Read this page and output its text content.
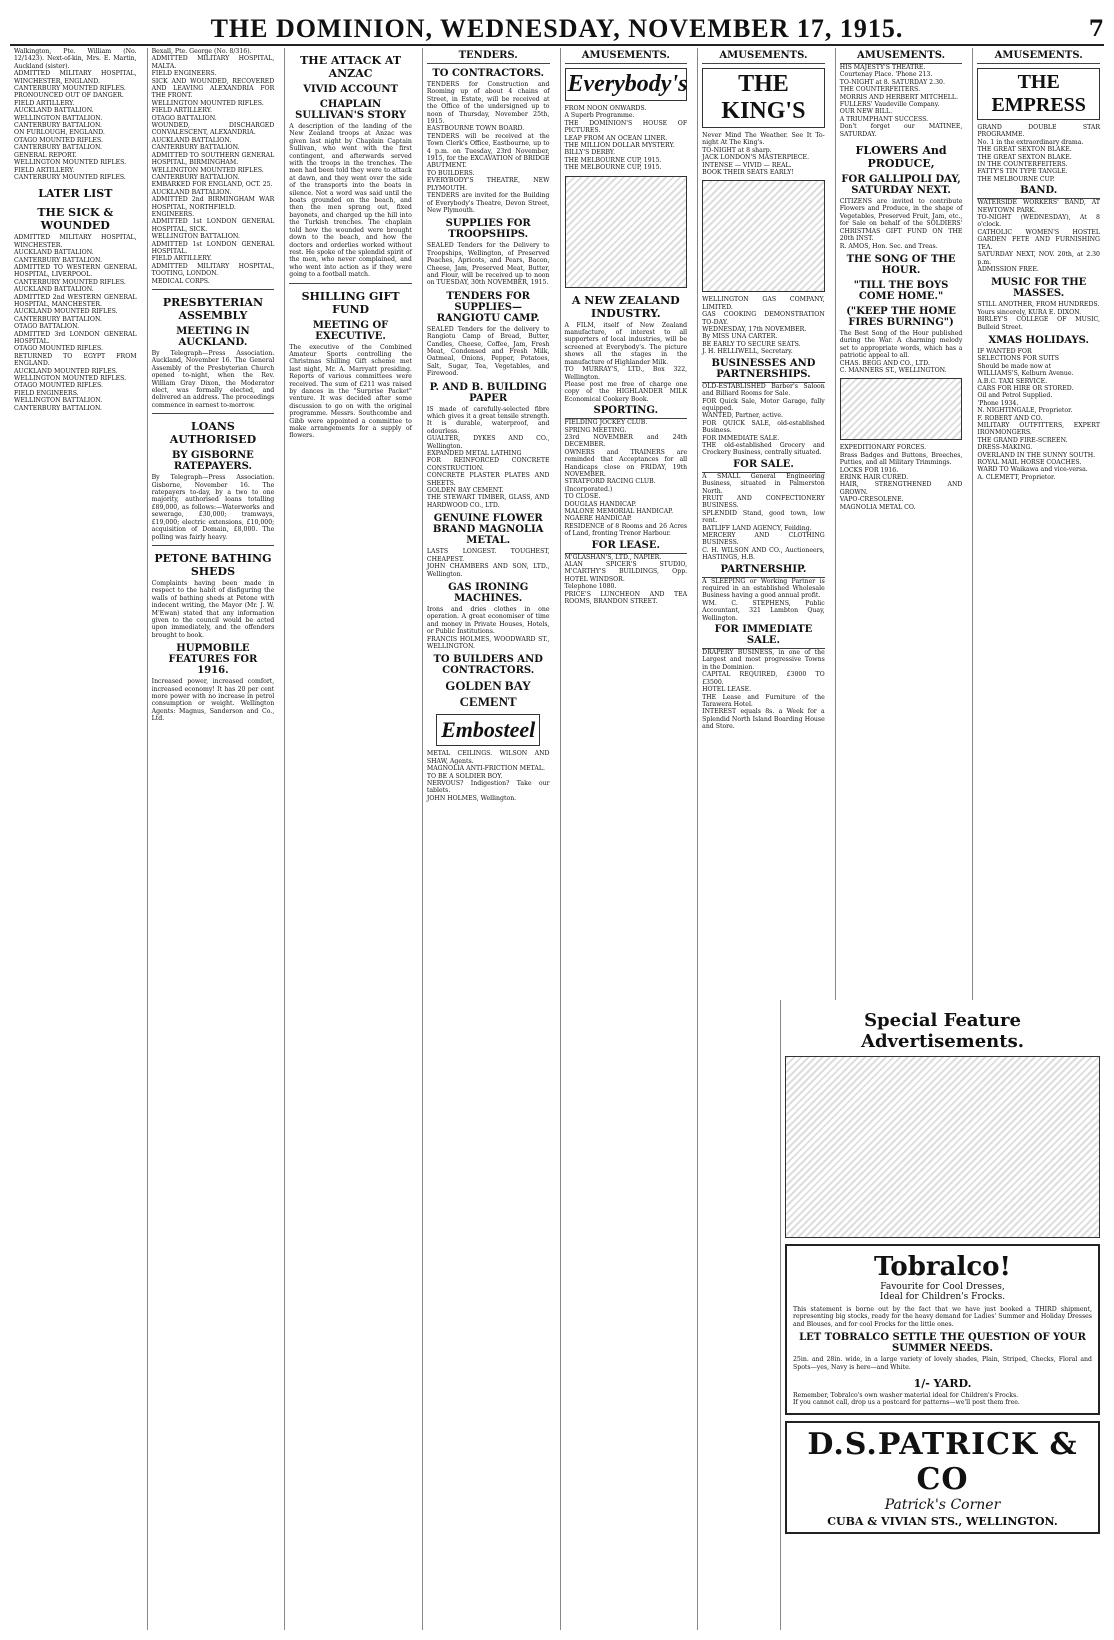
THE DOMINION, WEDNESDAY, NOVEMBER 17, 1915.	7
Walkington, Pte. William (No. 12/1423). Next-of-kin, Mrs. E. Martin, Auckland (sister).
ADMITTED MILITARY HOSPITAL, WINCHESTER, ENGLAND.
CANTERBURY MOUNTED RIFLES.
PRONOUNCED OUT OF DANGER.
FIELD ARTILLERY.
AUCKLAND BATTALION.
WELLINGTON BATTALION.
CANTERBURY BATTALION.
ON FURLOUGH, ENGLAND.
OTAGO MOUNTED RIFLES.
CANTERBURY BATTALION.
GENERAL REPORT.
WELLINGTON MOUNTED RIFLES.
FIELD ARTILLERY.
CANTERBURY MOUNTED RIFLES.
LATER LIST
THE SICK & WOUNDED
ADMITTED MILITARY HOSPITAL, WINCHESTER.
AUCKLAND BATTALION.
CANTERBURY BATTALION.
ADMITTED TO WESTERN GENERAL HOSPITAL, LIVERPOOL.
CANTERBURY MOUNTED RIFLES.
AUCKLAND BATTALION.
ADMITTED 2nd WESTERN GENERAL HOSPITAL, MANCHESTER.
AUCKLAND MOUNTED RIFLES.
CANTERBURY BATTALION.
OTAGO BATTALION.
ADMITTED 3rd LONDON GENERAL HOSPITAL.
OTAGO MOUNTED RIFLES.
RETURNED TO EGYPT FROM ENGLAND.
AUCKLAND MOUNTED RIFLES.
WELLINGTON MOUNTED RIFLES.
OTAGO MOUNTED RIFLES.
FIELD ENGINEERS.
WELLINGTON BATTALION.
CANTERBURY BATTALION.
Bexall, Pte. George (No. 8/316).
ADMITTED MILITARY HOSPITAL, MALTA.
FIELD ENGINEERS.
SICK AND WOUNDED, RECOVERED AND LEAVING ALEXANDRIA FOR THE FRONT.
WELLINGTON MOUNTED RIFLES.
FIELD ARTILLERY.
OTAGO BATTALION.
WOUNDED, DISCHARGED CONVALESCENT, ALEXANDRIA.
AUCKLAND BATTALION.
CANTERBURY BATTALION.
ADMITTED TO SOUTHERN GENERAL HOSPITAL, BIRMINGHAM.
WELLINGTON MOUNTED RIFLES.
CANTERBURY BATTALION.
EMBARKED FOR ENGLAND, OCT. 25.
AUCKLAND BATTALION.
ADMITTED 2nd BIRMINGHAM WAR HOSPITAL, NORTHFIELD.
ENGINEERS.
ADMITTED 1st LONDON GENERAL HOSPITAL, SICK.
WELLINGTON BATTALION.
ADMITTED 1st LONDON GENERAL HOSPITAL.
FIELD ARTILLERY.
ADMITTED MILITARY HOSPITAL, TOOTING, LONDON.
MEDICAL CORPS.
PRESBYTERIAN ASSEMBLY
MEETING IN AUCKLAND.
By Telegraph—Press Association. Auckland, November 16. The General Assembly of the Presbyterian Church opened to-night, when the Rev. William Gray Dixon, the Moderator elect, was formally elected, and delivered an address. The proceedings commence in earnest to-morrow.
LOANS AUTHORISED
BY GISBORNE RATEPAYERS.
By Telegraph—Press Association. Gisborne, November 16. The ratepayers to-day, by a two to one majority, authorised loans totalling £89,000, as follows:—Waterworks and sewerage, £30,000; tramways, £19,000; electric extensions, £10,000; acquisition of Domain, £8,000. The polling was fairly heavy.
PETONE BATHING SHEDS
Complaints having been made in respect to the habit of disfiguring the walls of bathing sheds at Petone with indecent writing, the Mayor (Mr. J. W. M'Ewan) stated that any information given to the council would be acted upon immediately, and the offenders brought to book.
HUPMOBILE FEATURES FOR 1916.
Increased power, increased comfort, increased economy! It has 20 per cent more power with no increase in petrol consumption or weight. Wellington Agents: Magnus, Sanderson and Co., Ltd.
THE ATTACK AT ANZAC
VIVID ACCOUNT
CHAPLAIN SULLIVAN'S STORY
A description of the landing of the New Zealand troops at Anzac was given last night by Chaplain Captain Sullivan, who went with the first contingent, and afterwards served with the troops in the trenches. The men had been told they were to attack at dawn, and they went over the side of the transports into the boats in silence. Not a word was said until the boats grounded on the beach, and then the men sprang out, fixed bayonets, and charged up the hill into the Turkish trenches. The chaplain told how the wounded were brought down to the beach, and how the doctors and orderlies worked without rest. He spoke of the splendid spirit of the men, who never complained, and who went into action as if they were going to a football match.
SHILLING GIFT FUND
MEETING OF EXECUTIVE.
The executive of the Combined Amateur Sports controlling the Christmas Shilling Gift scheme met last night, Mr. A. Marryatt presiding. Reports of various committees were received. The sum of £211 was raised by dances in the "Surprise Packet" venture. It was decided after some discussion to go on with the original programme. Messrs. Southcombe and Gibb were appointed a committee to make arrangements for a supply of flowers.
TENDERS.
TO CONTRACTORS.
TENDERS for Construction and Rooming up of about 4 chains of Street, in Estate, will be received at the Office of the undersigned up to noon of Thursday, November 25th, 1915.
EASTBOURNE TOWN BOARD.
TENDERS will be received at the Town Clerk's Office, Eastbourne, up to 4 p.m. on Tuesday, 23rd November, 1915, for the EXCAVATION of BRIDGE ABUTMENT.
TO BUILDERS.
EVERYBODY'S THEATRE, NEW PLYMOUTH.
TENDERS are invited for the Building of Everybody's Theatre, Devon Street, New Plymouth.
SUPPLIES FOR TROOPSHIPS.
SEALED Tenders for the Delivery to Troopships, Wellington, of Preserved Peaches, Apricots, and Pears, Bacon, Cheese, Jam, Preserved Meat, Butter, and Flour, will be received up to noon on TUESDAY, 30th NOVEMBER, 1915.
TENDERS FOR SUPPLIES—RANGIOTU CAMP.
SEALED Tenders for the delivery to Rangiotu Camp of Bread, Butter, Candles, Cheese, Coffee, Jam, Fresh Meat, Condensed and Fresh Milk, Oatmeal, Onions, Pepper, Potatoes, Salt, Sugar, Tea, Vegetables, and Firewood.
P. AND B. BUILDING PAPER
IS made of carefully-selected fibre which gives it a great tensile strength. It is durable, waterproof, and odourless.
GUALTER, DYKES AND CO., Wellington.
EXPANDED METAL LATHING
FOR REINFORCED CONCRETE CONSTRUCTION.
CONCRETE PLASTER PLATES AND SHEETS.
GOLDEN BAY CEMENT.
THE STEWART TIMBER, GLASS, AND HARDWOOD CO., LTD.
GENUINE FLOWER BRAND MAGNOLIA METAL.
LASTS LONGEST. TOUGHEST, CHEAPEST.
JOHN CHAMBERS AND SON, LTD., Wellington.
GAS IRONING MACHINES.
Irons and dries clothes in one operation. A great economiser of time and money in Private Houses, Hotels, or Public Institutions.
FRANCIS HOLMES, WOODWARD ST., WELLINGTON.
TO BUILDERS AND CONTRACTORS.
GOLDEN BAY CEMENT
Embosteel
METAL CEILINGS. WILSON AND SHAW, Agents.
MAGNOLIA ANTI-FRICTION METAL.
TO BE A SOLDIER BOY.
NERVOUS? Indigestion? Take our tablets.
JOHN HOLMES, Wellington.
AMUSEMENTS.
Everybody's
FROM NOON ONWARDS.
A Superb Programme.
THE DOMINION'S HOUSE OF PICTURES.
LEAP FROM AN OCEAN LINER.
THE MILLION DOLLAR MYSTERY.
BILLY'S DERBY.
THE MELBOURNE CUP, 1915.
THE MELBOURNE CUP, 1915.
A NEW ZEALAND INDUSTRY.
A FILM, itself of New Zealand manufacture, of interest to all supporters of local industries, will be screened at Everybody's. The picture shows all the stages in the manufacture of Highlander Milk.
TO MURRAY'S, LTD., Box 322, Wellington.
Please post me free of charge one copy of the HIGHLANDER MILK Economical Cookery Book.
SPORTING.
FIELDING JOCKEY CLUB.
SPRING MEETING.
23rd NOVEMBER and 24th DECEMBER.
OWNERS and TRAINERS are reminded that Acceptances for all Handicaps close on FRIDAY, 19th NOVEMBER.
STRATFORD RACING CLUB.
(Incorporated.)
TO CLOSE.
DOUGLAS HANDICAP.
MALONE MEMORIAL HANDICAP.
NGAERE HANDICAP.
RESIDENCE of 8 Rooms and 26 Acres of Land, fronting Trenor Harbour.
FOR LEASE.
M'GLASHAN'S, LTD., NAPIER.
ALAN SPICER'S STUDIO, M'CARTHY'S BUILDINGS, Opp. HOTEL WINDSOR.
Telephone 1080.
PRICE'S LUNCHEON AND TEA ROOMS, BRANDON STREET.
AMUSEMENTS.
THE KING'S
Never Mind The Weather. See It To-night At The King's.
TO-NIGHT at 8 sharp.
JACK LONDON'S MASTERPIECE.
INTENSE — VIVID — REAL.
BOOK THEIR SEATS EARLY!
WELLINGTON GAS COMPANY, LIMITED.
GAS COOKING DEMONSTRATION TO-DAY.
WEDNESDAY, 17th NOVEMBER.
By MISS UNA CARTER.
BE EARLY TO SECURE SEATS.
J. H. HELLIWELL, Secretary.
BUSINESSES AND PARTNERSHIPS.
OLD-ESTABLISHED Barber's Saloon and Billiard Rooms for Sale.
FOR Quick Sale, Motor Garage, fully equipped.
WANTED, Partner, active.
FOR QUICK SALE, old-established Business.
FOR IMMEDIATE SALE.
THE old-established Grocery and Crockery Business, centrally situated.
FOR SALE.
A SMALL General Engineering Business, situated in Palmerston North.
FRUIT AND CONFECTIONERY BUSINESS.
SPLENDID Stand, good town, low rent.
BATLIFF LAND AGENCY, Feilding.
MERCERY AND CLOTHING BUSINESS.
C. H. WILSON AND CO., Auctioneers, HASTINGS, H.B.
PARTNERSHIP.
A SLEEPING or Working Partner is required in an established Wholesale Business having a good annual profit.
WM. C. STEPHENS, Public Accountant, 321 Lambton Quay, Wellington.
FOR IMMEDIATE SALE.
DRAPERY BUSINESS, in one of the Largest and most progressive Towns in the Dominion.
CAPITAL REQUIRED, £3000 TO £3500.
HOTEL LEASE.
THE Lease and Furniture of the Tarawera Hotel.
INTEREST equals 8s. a Week for a Splendid North Island Boarding House and Store.
AMUSEMENTS.
HIS MAJESTY'S THEATRE.
Courtenay Place. 'Phone 213.
TO-NIGHT at 8. SATURDAY 2.30.
THE COUNTERFEITERS.
MORRIS AND HERBERT MITCHELL.
FULLERS' Vaudeville Company.
OUR NEW BILL.
A TRIUMPHANT SUCCESS.
Don't forget our MATINEE, SATURDAY.
FLOWERS And PRODUCE,
FOR GALLIPOLI DAY, SATURDAY NEXT.
CITIZENS are invited to contribute Flowers and Produce, in the shape of Vegetables, Preserved Fruit, Jam, etc., for Sale on behalf of the SOLDIERS' CHRISTMAS GIFT FUND ON THE 20th INST.
R. AMOS, Hon. Sec. and Treas.
THE SONG OF THE HOUR.
"TILL THE BOYS COME HOME."
("KEEP THE HOME FIRES BURNING")
The Best Song of the Hour published during the War. A charming melody set to appropriate words, which has a patriotic appeal to all.
CHAS. BEGG AND CO., LTD.
C. MANNERS ST., WELLINGTON.
EXPEDITIONARY FORCES.
Brass Badges and Buttons, Breeches, Putties, and all Military Trimmings.
LOCKS FOR 1916.
ERINK HAIR CURED.
HAIR, STRENGTHENED AND GROWN.
VAPO-CRESOLENE.
MAGNOLIA METAL CO.
AMUSEMENTS.
THE EMPRESS
GRAND DOUBLE STAR PROGRAMME.
No. 1 in the extraordinary drama.
THE GREAT SEXTON BLAKE.
THE GREAT SEXTON BLAKE.
IN THE COUNTERFEITERS.
FATTY'S TIN TYPE TANGLE.
THE MELBOURNE CUP.
BAND.
WATERSIDE WORKERS' BAND, AT NEWTOWN PARK.
TO-NIGHT (WEDNESDAY), At 8 o'clock.
CATHOLIC WOMEN'S HOSTEL GARDEN FETE AND FURNISHING TEA.
SATURDAY NEXT, NOV. 20th, at 2.30 p.m.
ADMISSION FREE.
MUSIC FOR THE MASSES.
STILL ANOTHER, FROM HUNDREDS.
Yours sincerely, KURA E. DIXON.
BIRLEY'S COLLEGE OF MUSIC, Bulleid Street.
XMAS HOLIDAYS.
IF WANTED FOR
SELECTIONS FOR SUITS
Should be made now at
WILLIAMS'S, Kelburn Avenue.
A.B.C. TAXI SERVICE.
CARS FOR HIRE OR STORED.
Oil and Petrol Supplied.
'Phone 1934.
N. NIGHTINGALE, Proprietor.
F. ROBERT AND CO.
MILITARY OUTFITTERS, EXPERT IRONMONGERS.
THE GRAND FIRE-SCREEN.
DRESS-MAKING.
OVERLAND IN THE SUNNY SOUTH.
ROYAL MAIL HORSE COACHES.
WARD TO Waikawa and vice-versa.
A. CLEMETT, Proprietor.
Special Feature Advertisements.
Tobralco!
Favourite for Cool Dresses,
Ideal for Children's Frocks.
This statement is borne out by the fact that we have just booked a THIRD shipment, representing big stocks, ready for the heavy demand for Ladies' Summer and Holiday Dresses and Blouses, and for cool Frocks for the little ones.
LET TOBRALCO SETTLE THE QUESTION OF YOUR SUMMER NEEDS.
25in. and 28in. wide, in a large variety of lovely shades, Plain, Striped, Checks, Floral and Spots—yes, Navy is here—and White.
1/- YARD.
Remember, Tobralco's own washer material ideal for Children's Frocks.
If you cannot call, drop us a postcard for patterns—we'll post them free.
D.S.PATRICK & CO
Patrick's Corner
CUBA & VIVIAN STS., WELLINGTON.
